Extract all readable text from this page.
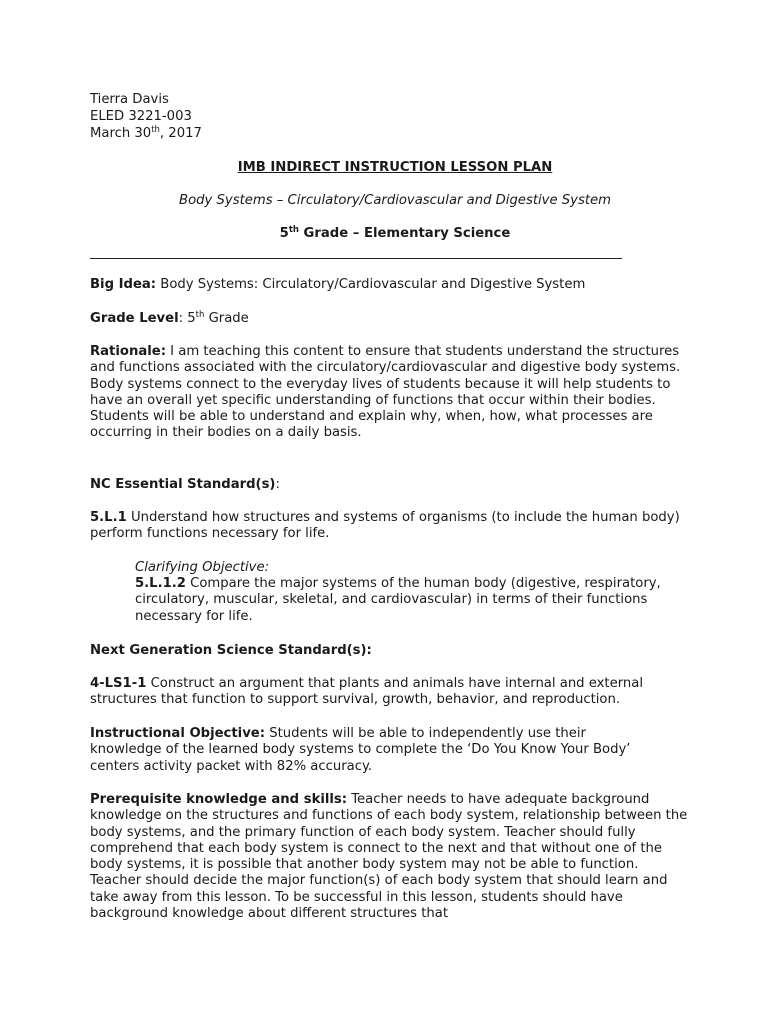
Tierra Davis

ELED 3221-003

March 30th, 2017

IMB INDIRECT INSTRUCTION LESSON PLAN

Body Systems – Circulatory/Cardiovascular and Digestive System

5th Grade – Elementary Science

Big Idea: Body Systems: Circulatory/Cardiovascular and Digestive System

Grade Level: 5th Grade

Rationale: I am teaching this content to ensure that students understand the structures and functions associated with the circulatory/cardiovascular and digestive body systems. Body systems connect to the everyday lives of students because it will help students to have an overall yet specific understanding of functions that occur within their bodies. Students will be able to understand and explain why, when, how, what processes are occurring in their bodies on a daily basis.

NC Essential Standard(s):

5.L.1 Understand how structures and systems of organisms (to include the human body) perform functions necessary for life.

Clarifying Objective:

5.L.1.2 Compare the major systems of the human body (digestive, respiratory, circulatory, muscular, skeletal, and cardiovascular) in terms of their functions necessary for life.

Next Generation Science Standard(s):

4-LS1-1 Construct an argument that plants and animals have internal and external structures that function to support survival, growth, behavior, and reproduction.

Instructional Objective: Students will be able to independently use their knowledge of the learned body systems to complete the ‘Do You Know Your Body’ centers activity packet with 82% accuracy.

Prerequisite knowledge and skills: Teacher needs to have adequate background knowledge on the structures and functions of each body system, relationship between the body systems, and the primary function of each body system. Teacher should fully comprehend that each body system is connect to the next and that without one of the body systems, it is possible that another body system may not be able to function. Teacher should decide the major function(s) of each body system that should learn and take away from this lesson. To be successful in this lesson, students should have background knowledge about different structures that
